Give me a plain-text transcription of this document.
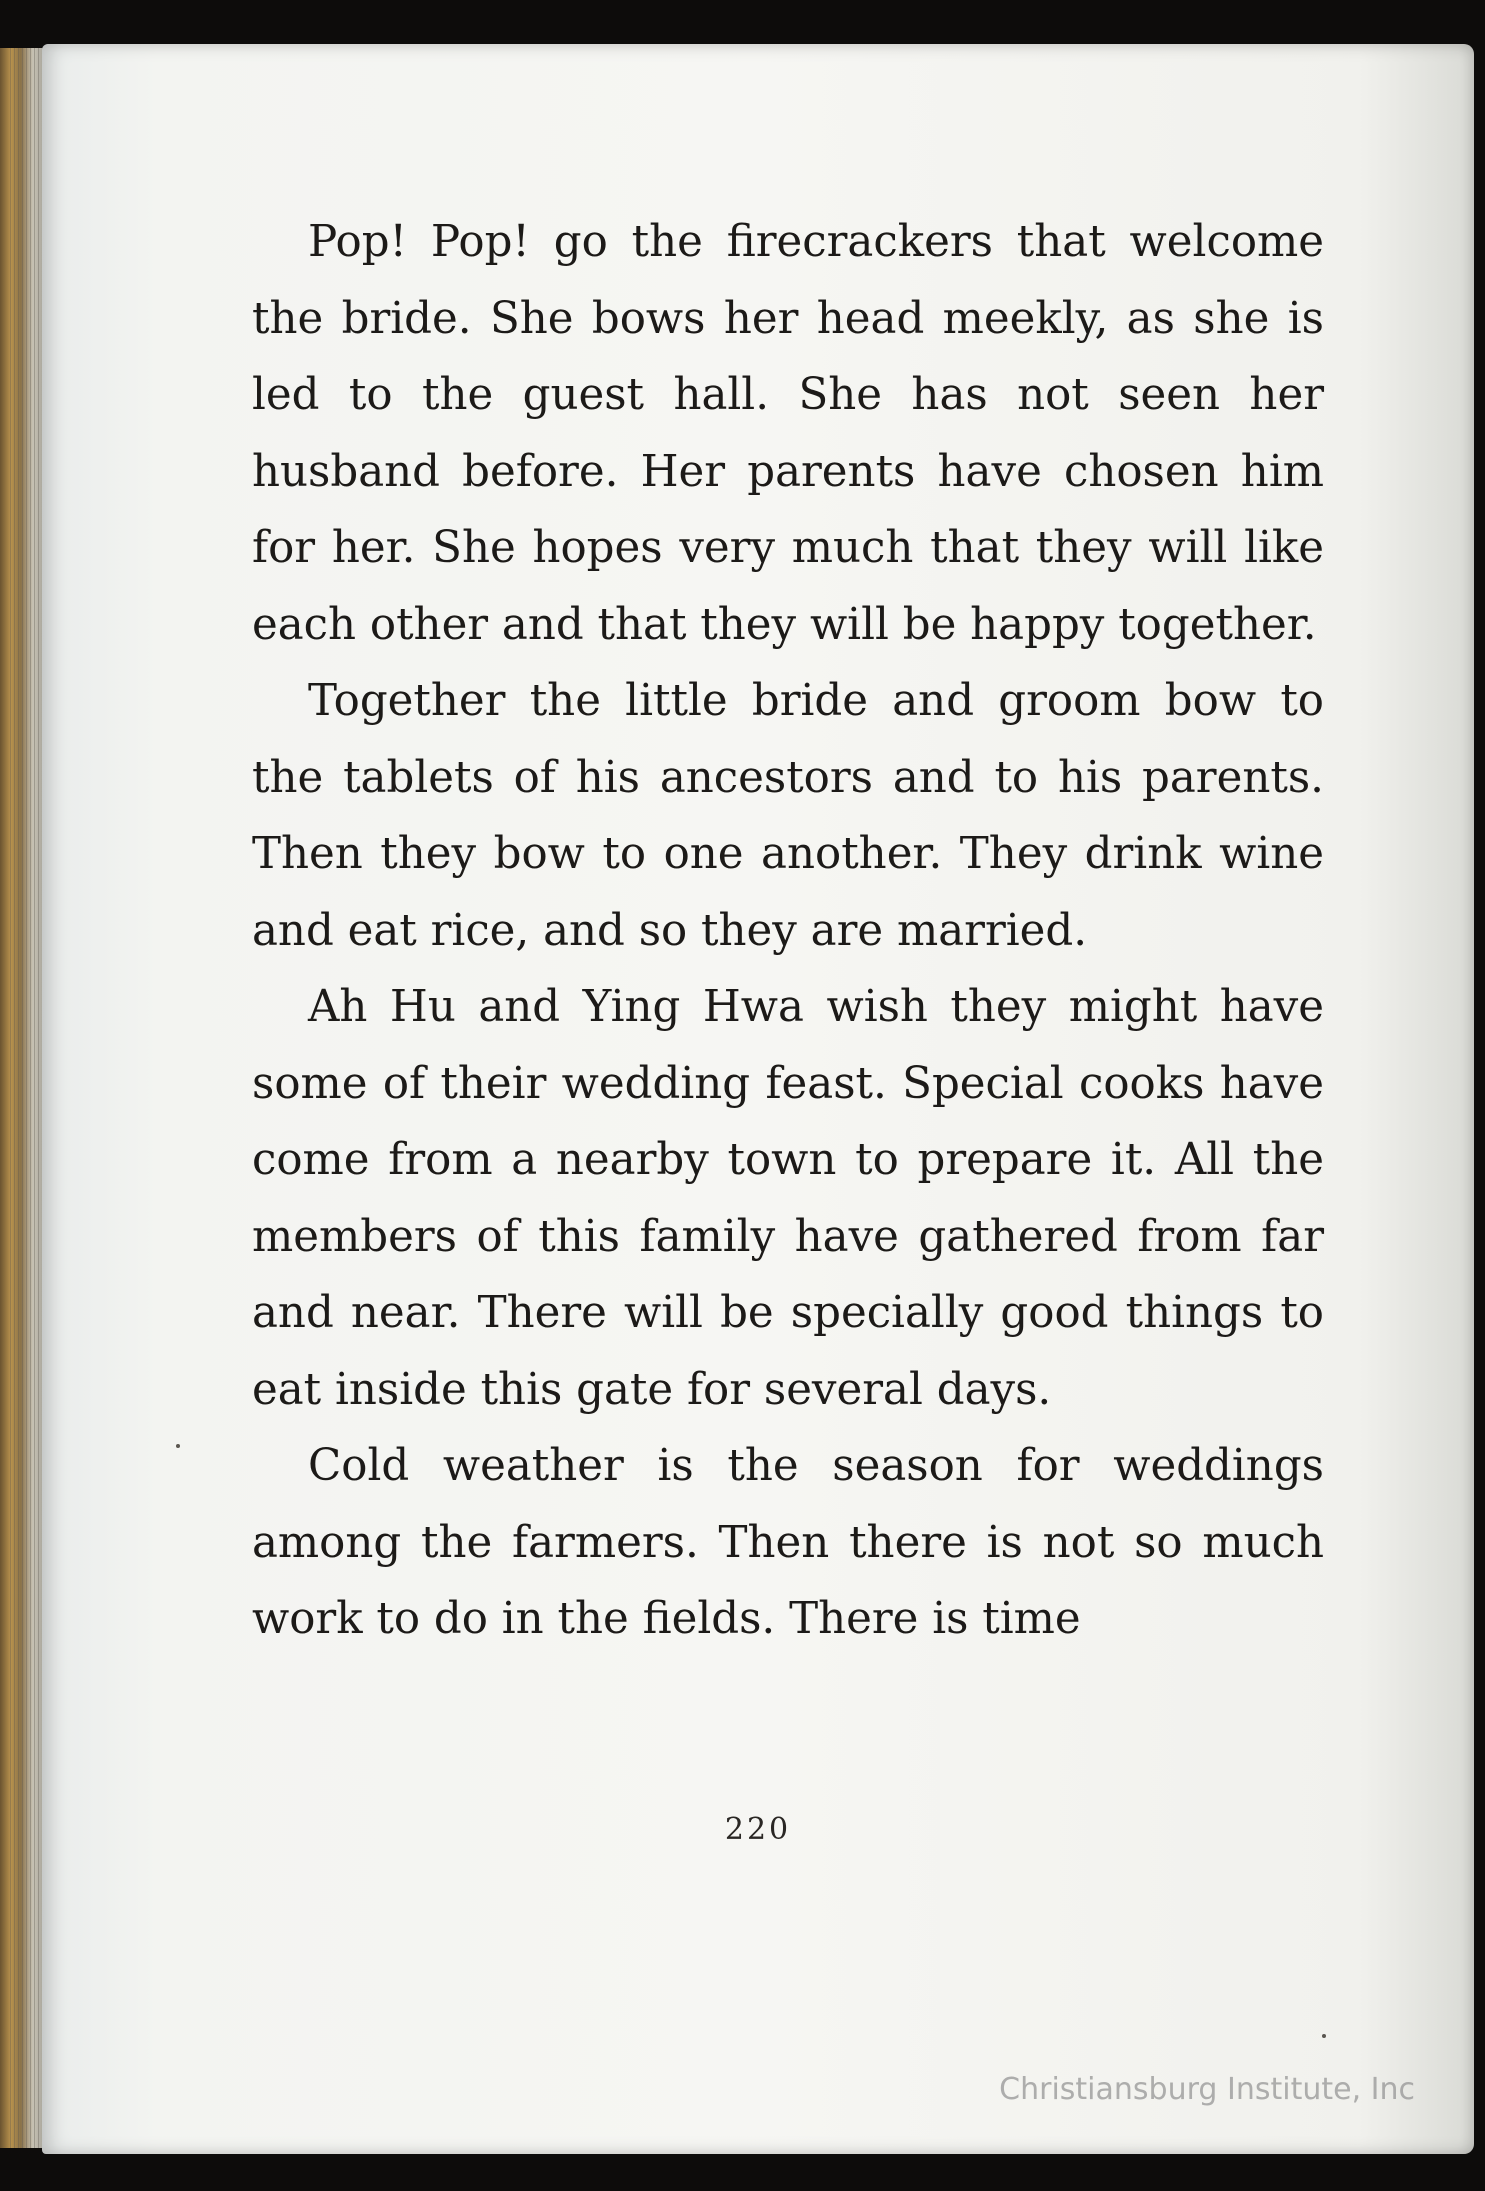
Pop! Pop! go the firecrackers that welcome the bride. She bows her head meekly, as she is led to the guest hall. She has not seen her husband before. Her parents have chosen him for her. She hopes very much that they will like each other and that they will be happy together.

Together the little bride and groom bow to the tablets of his ancestors and to his parents. Then they bow to one another. They drink wine and eat rice, and so they are married.

Ah Hu and Ying Hwa wish they might have some of their wedding feast. Special cooks have come from a nearby town to prepare it. All the members of this family have gathered from far and near. There will be specially good things to eat inside this gate for several days.

Cold weather is the season for weddings among the farmers. Then there is not so much work to do in the fields. There is time

220
Christiansburg Institute, Inc
